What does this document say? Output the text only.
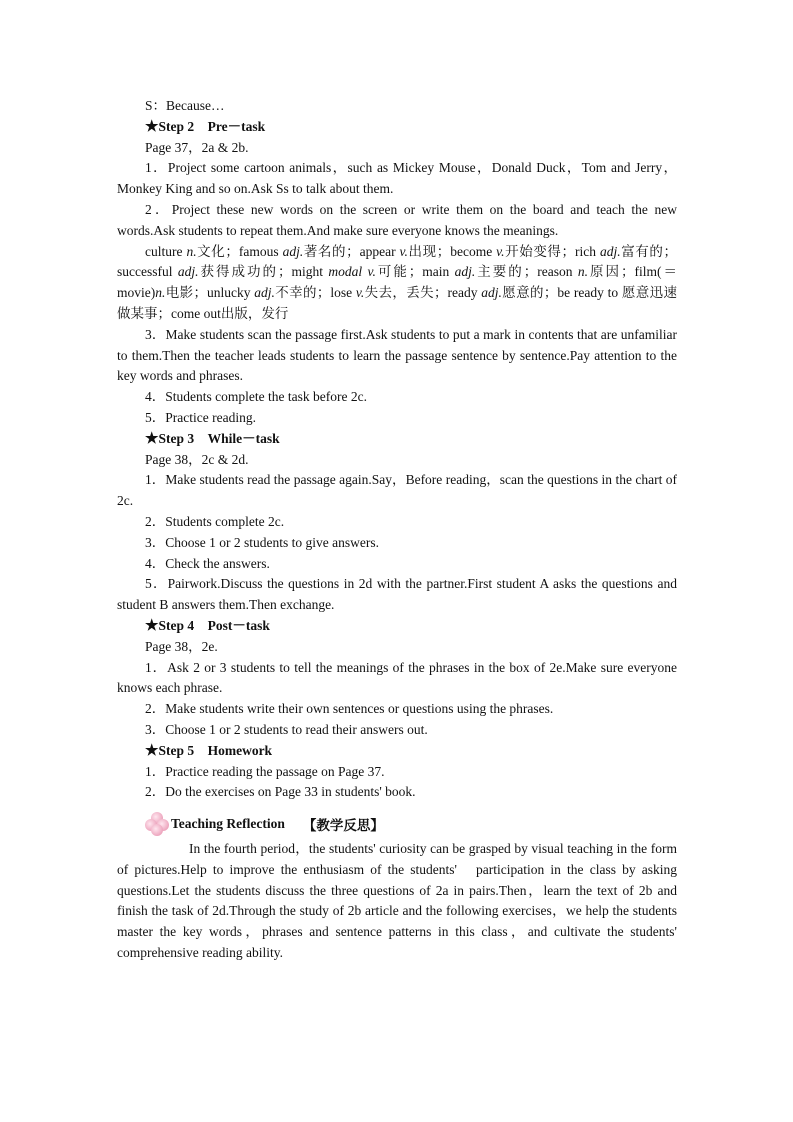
S：Because…

★Step 2　Pre－task

Page 37，2a & 2b.

1．Project some cartoon animals，such as Mickey Mouse，Donald Duck，Tom and Jerry，Monkey King and so on.Ask Ss to talk about them.

2．Project these new words on the screen or write them on the board and teach the new words.Ask students to repeat them.And make sure everyone knows the meanings.

culture n.文化；famous adj.著名的；appear v.出现；become v.开始变得；rich adj.富有的；successful adj.获得成功的；might modal v.可能；main adj.主要的；reason n.原因；film(＝movie)n.电影；unlucky adj.不幸的；lose v.失去，丢失；ready adj.愿意的；be ready to 愿意迅速做某事；come out出版，发行

3．Make students scan the passage first.Ask students to put a mark in contents that are unfamiliar to them.Then the teacher leads students to learn the passage sentence by sentence.Pay attention to the key words and phrases.

4．Students complete the task before 2c.

5．Practice reading.

★Step 3　While－task

Page 38，2c & 2d.

1．Make students read the passage again.Say，Before reading，scan the questions in the chart of 2c.

2．Students complete 2c.

3．Choose 1 or 2 students to give answers.

4．Check the answers.

5．Pairwork.Discuss the questions in 2d with the partner.First student A asks the questions and student B answers them.Then exchange.

★Step 4　Post－task

Page 38，2e.

1．Ask 2 or 3 students to tell the meanings of the phrases in the box of 2e.Make sure everyone knows each phrase.

2．Make students write their own sentences or questions using the phrases.

3．Choose 1 or 2 students to read their answers out.

★Step 5　Homework

1．Practice reading the passage on Page 37.

2．Do the exercises on Page 33 in students' book.

Teaching Reflection 【教学反思】

In the fourth period，the students' curiosity can be grasped by visual teaching in the form of pictures.Help to improve the enthusiasm of the students'　participation in the class by asking questions.Let the students discuss the three questions of 2a in pairs.Then，learn the text of 2b and finish the task of 2d.Through the study of 2b article and the following exercises，we help the students master the key words，phrases and sentence patterns in this class，and cultivate the students' comprehensive reading ability.
